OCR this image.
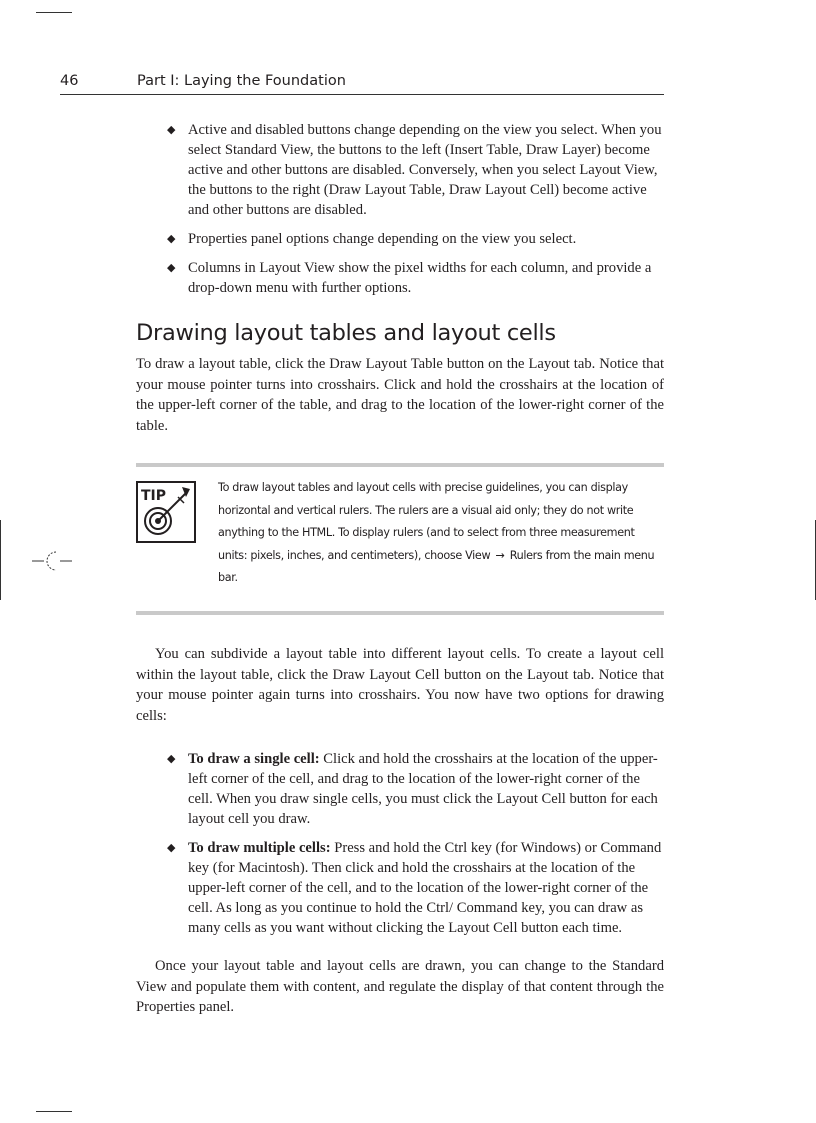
46	Part I: Laying the Foundation
◆ Active and disabled buttons change depending on the view you select. When you select Standard View, the buttons to the left (Insert Table, Draw Layer) become active and other buttons are disabled. Conversely, when you select Layout View, the buttons to the right (Draw Layout Table, Draw Layout Cell) become active and other buttons are disabled.
◆ Properties panel options change depending on the view you select.
◆ Columns in Layout View show the pixel widths for each column, and provide a drop-down menu with further options.
Drawing layout tables and layout cells

To draw a layout table, click the Draw Layout Table button on the Layout tab. Notice that your mouse pointer turns into crosshairs. Click and hold the crosshairs at the location of the upper-left corner of the table, and drag to the location of the lower-right corner of the table.

TIP
To draw layout tables and layout cells with precise guidelines, you can display horizontal and vertical rulers. The rulers are a visual aid only; they do not write anything to the HTML. To display rulers (and to select from three measurement units: pixels, inches, and centimeters), choose View → Rulers from the main menu bar.

You can subdivide a layout table into different layout cells. To create a layout cell within the layout table, click the Draw Layout Cell button on the Layout tab. Notice that your mouse pointer again turns into crosshairs. You now have two options for drawing cells:

◆ To draw a single cell: Click and hold the crosshairs at the location of the upper-left corner of the cell, and drag to the location of the lower-right corner of the cell. When you draw single cells, you must click the Layout Cell button for each layout cell you draw.
◆ To draw multiple cells: Press and hold the Ctrl key (for Windows) or Command key (for Macintosh). Then click and hold the crosshairs at the location of the upper-left corner of the cell, and to the location of the lower-right corner of the cell. As long as you continue to hold the Ctrl/ Command key, you can draw as many cells as you want without clicking the Layout Cell button each time.

Once your layout table and layout cells are drawn, you can change to the Standard View and populate them with content, and regulate the display of that content through the Properties panel.
